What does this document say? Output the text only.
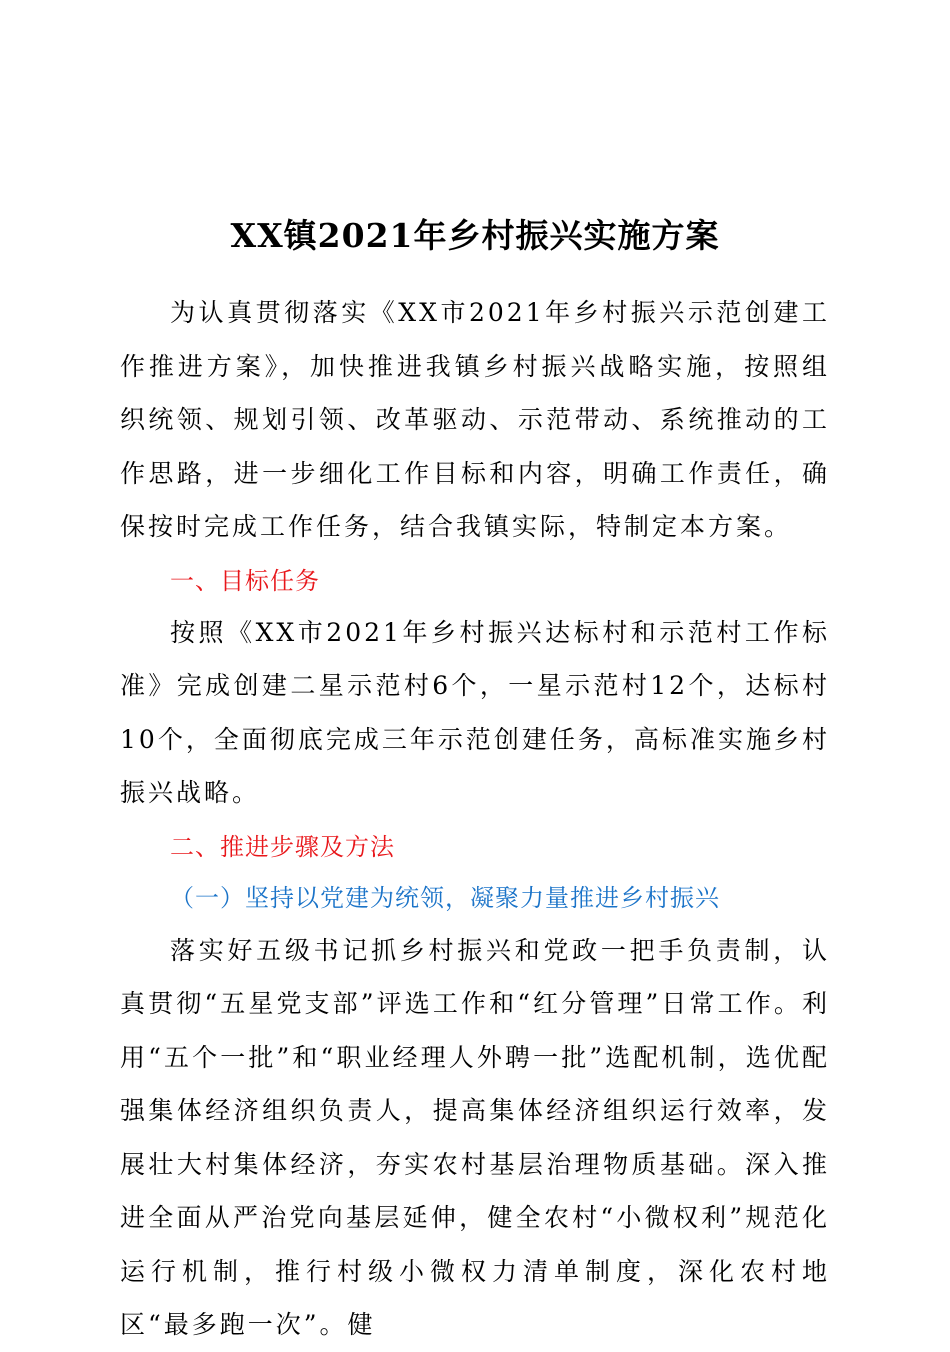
XX镇2021年乡村振兴实施方案

为认真贯彻落实《XX市2021年乡村振兴示范创建工作推进方案》，加快推进我镇乡村振兴战略实施，按照组织统领、规划引领、改革驱动、示范带动、系统推动的工作思路，进一步细化工作目标和内容，明确工作责任，确保按时完成工作任务，结合我镇实际，特制定本方案。

一、目标任务

按照《XX市2021年乡村振兴达标村和示范村工作标准》完成创建二星示范村6个，一星示范村12个，达标村10个，全面彻底完成三年示范创建任务，高标准实施乡村振兴战略。

二、推进步骤及方法

（一）坚持以党建为统领，凝聚力量推进乡村振兴

落实好五级书记抓乡村振兴和党政一把手负责制，认真贯彻“五星党支部”评选工作和“红分管理”日常工作。利用“五个一批”和“职业经理人外聘一批”选配机制，选优配强集体经济组织负责人，提高集体经济组织运行效率，发展壮大村集体经济，夯实农村基层治理物质基础。深入推进全面从严治党向基层延伸，健全农村“小微权利”规范化运行机制，推行村级小微权力清单制度，深化农村地区“最多跑一次”。健
